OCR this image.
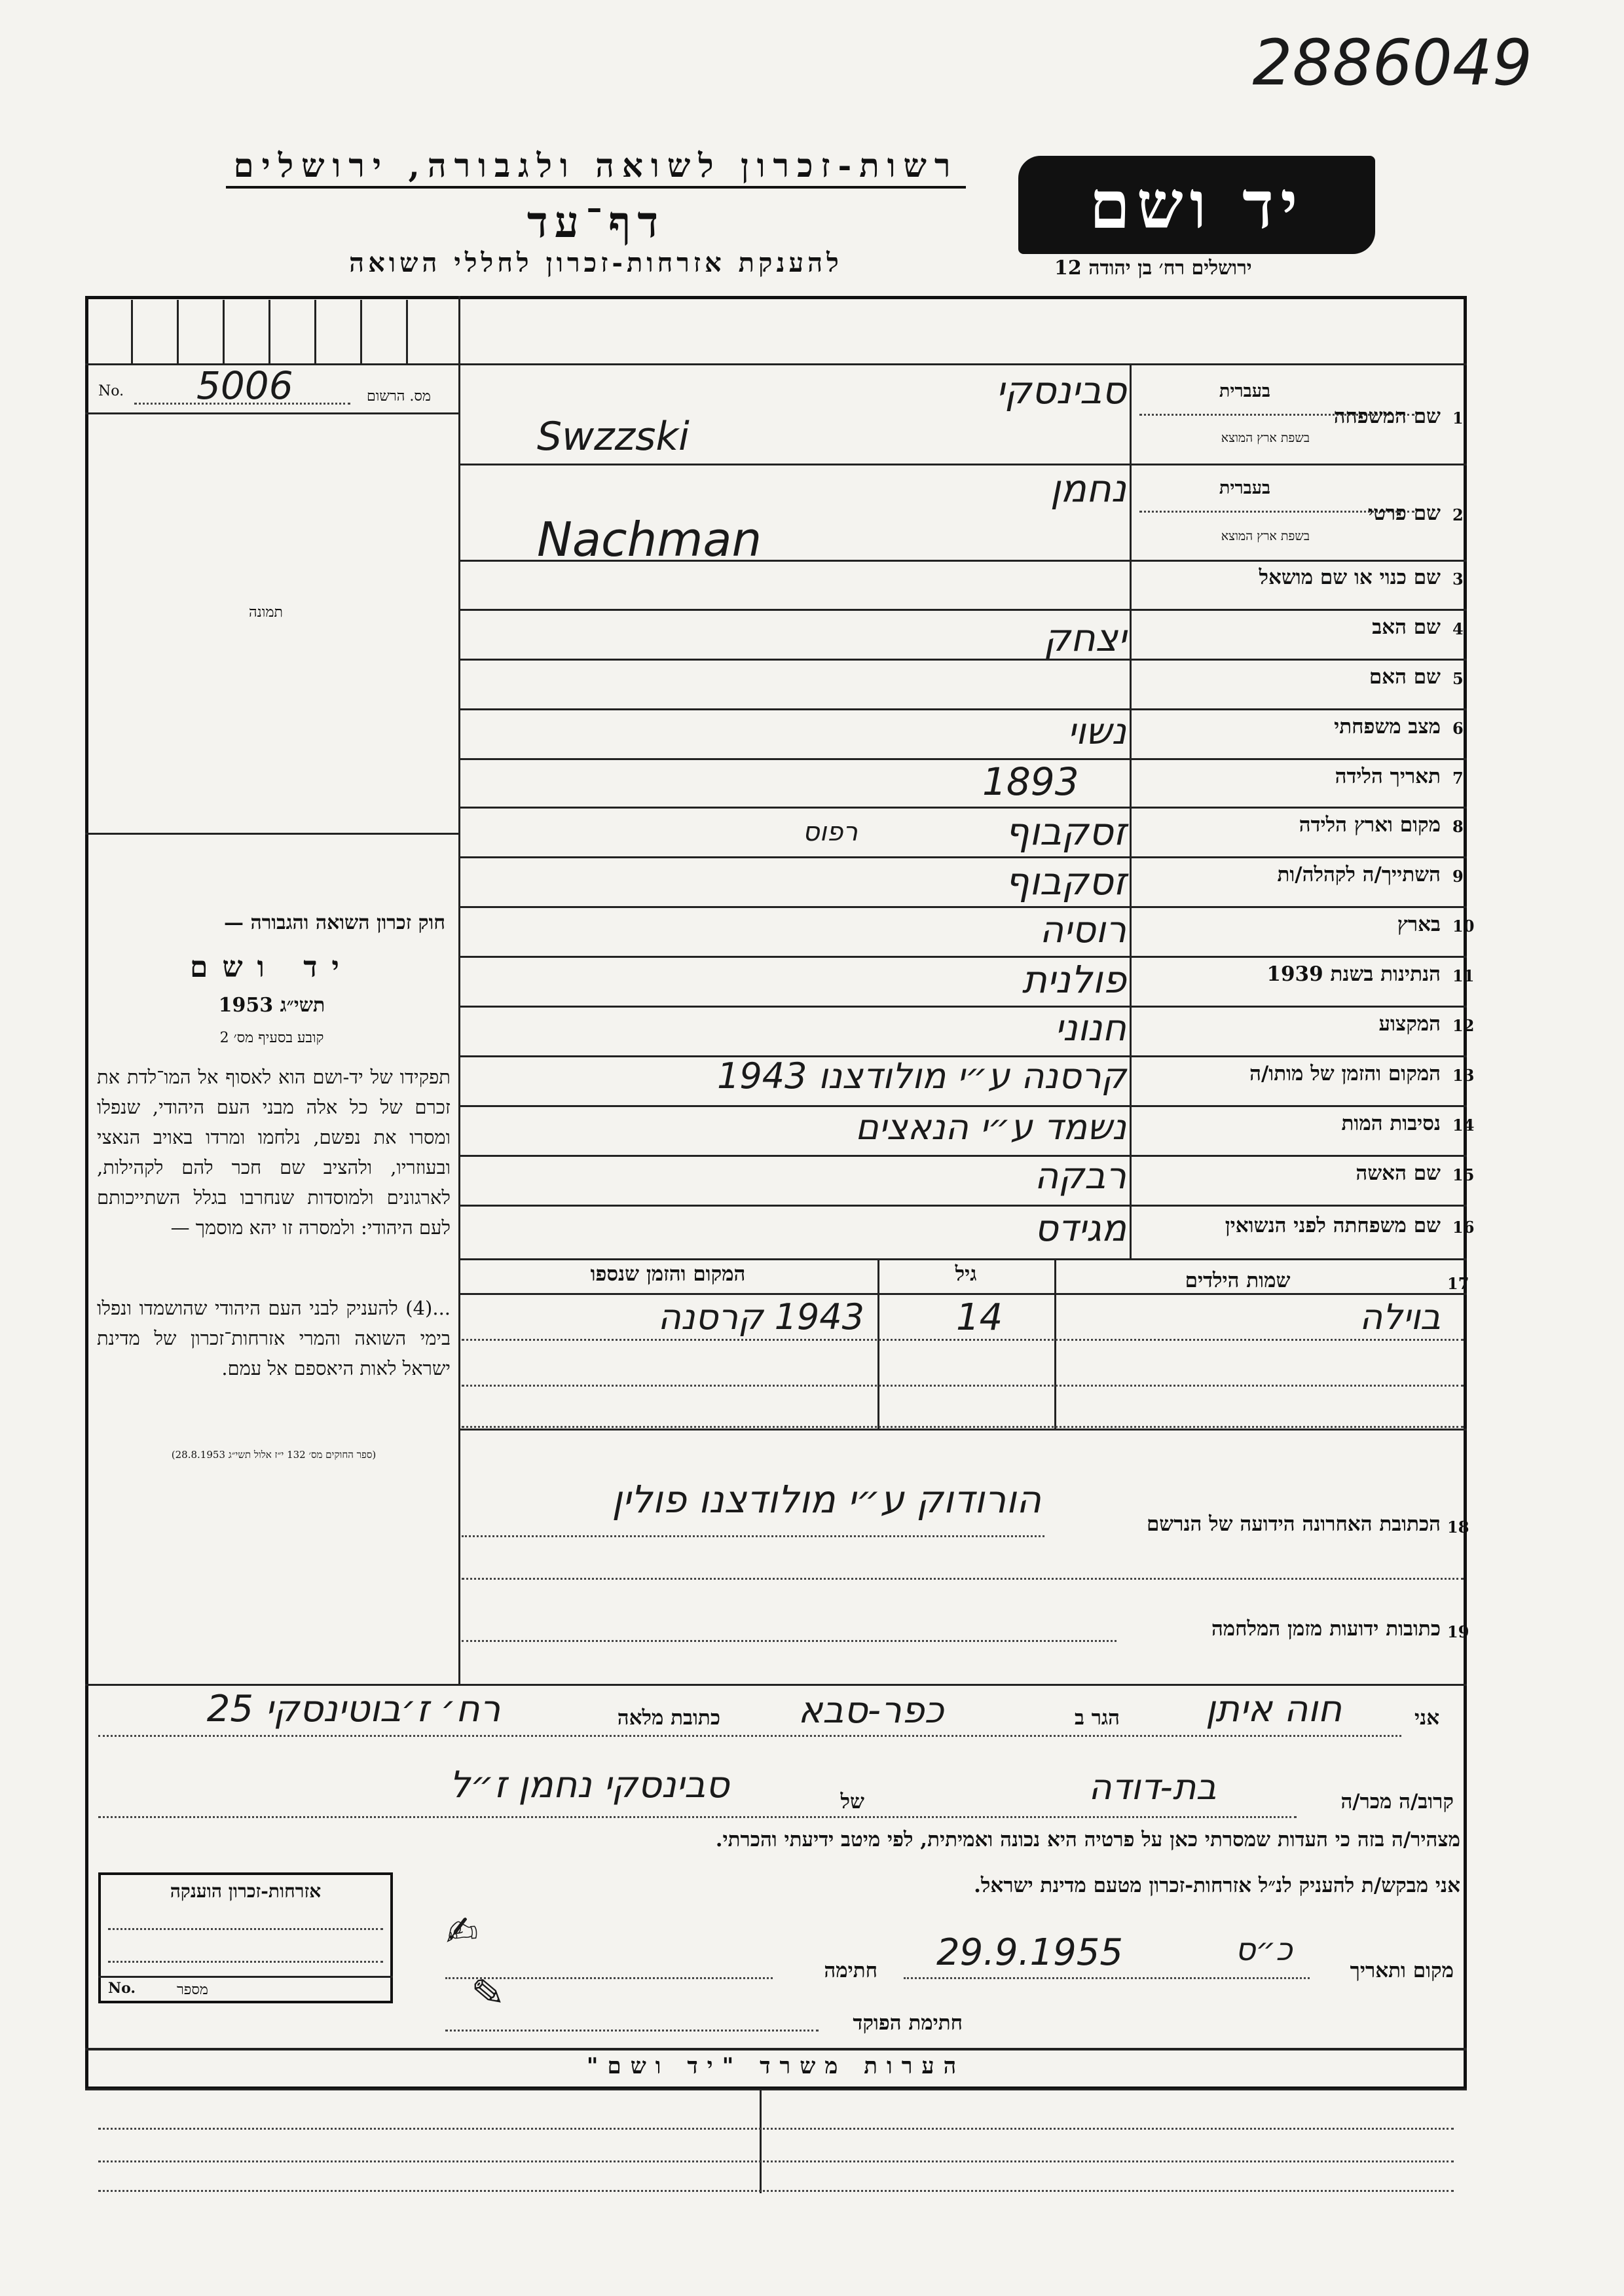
2886049
יד ושם
ירושלים רח׳ בן יהודה 12
רשות-זכרון לשואה ולגבורה, ירושלים
דף־עד
להענקת אזרחות-זכרון לחללי השואה
No. 5006	מס. הרשום
תמונה
חוק זכרון השואה והגבורה —
יד ושם
תשי״ג 1953
קובע בסעיף מס׳ 2
תפקידו של יד-ושם הוא לאסוף אל המו־לדת את זכרם של כל אלה מבני העם היהודי, שנפלו ומסרו את נפשם, נלחמו ומרדו באויב הנאצי ובעוזריו, ולהציב שם חכר להם לקהילות, לארגונים ולמוסדות שנחרבו בגלל השתייכותם לעם היהודי: ולמסרה זו יהא מוסמך —
...(4) להעניק לבני העם היהודי שהושמדו ונפלו בימי השואה והמרי אזרחות־זכרון של מדינת ישראל לאות היאספם אל עמם.
(ספר החוקים מס׳ 132 י״ז אלול תשי״ג 28.8.1953)
1
שם המשפחה
בעברית
בשפת ארץ המוצא
סבינסקי
Swzzski
2
שם פרטי
בעברית
בשפת ארץ המוצא
נחמן
Nachman
3
שם כנוי או שם מושאל
4
שם האב
יצחק
5
שם האם
6
מצב משפחתי
נשוי
7
תאריך הלידה
1893
8
מקום וארץ הלידה
זסקבוף
רפוס
9
השתייך/ה לקהלה/ות
זסקבוף
10
בארץ
רוסיה
11
הנתינות בשנת 1939
פולנית
12
המקצוע
חנוני
13
המקום והזמן של מותו/ה
קרסנה ע״י מולודצנו 1943
14
נסיבות המות
נשמד ע״י הנאצים
15
שם האשה
רבקה
16
שם משפחתה לפני הנשואין
מגידס
17
שמות הילדים
גיל
המקום והזמן שנספו
בוילה
14
1943 קרסנה
18
הכתובת האחרונה הידועה של הנרשם
הורודוק ע״י מולודצנו פולין
19
כתובות ידועות מזמן המלחמה
אני
חוה איתן
הגר ב
כפר-סבא
כתובת מלאה
רח׳ ז׳בוטינסקי 25
קרוב/ה מכר/ה
בת-דודה
של
סבינסקי נחמן ז״ל
מצהיר/ה בזה כי העדות שמסרתי כאן על פרטיה היא נכונה ואמיתית, לפי מיטב ידיעתי והכרתי.
אני מבקש/ת להעניק לנ״ל אזרחות-זכרון מטעם מדינת ישראל.
מקום ותאריך
כ״ס
29.9.1955
חתימה
✍
חתימת הפוקד
✎
אזרחות-זכרון הוענקה
No.	מספר
הערות משרד "יד ושם"
